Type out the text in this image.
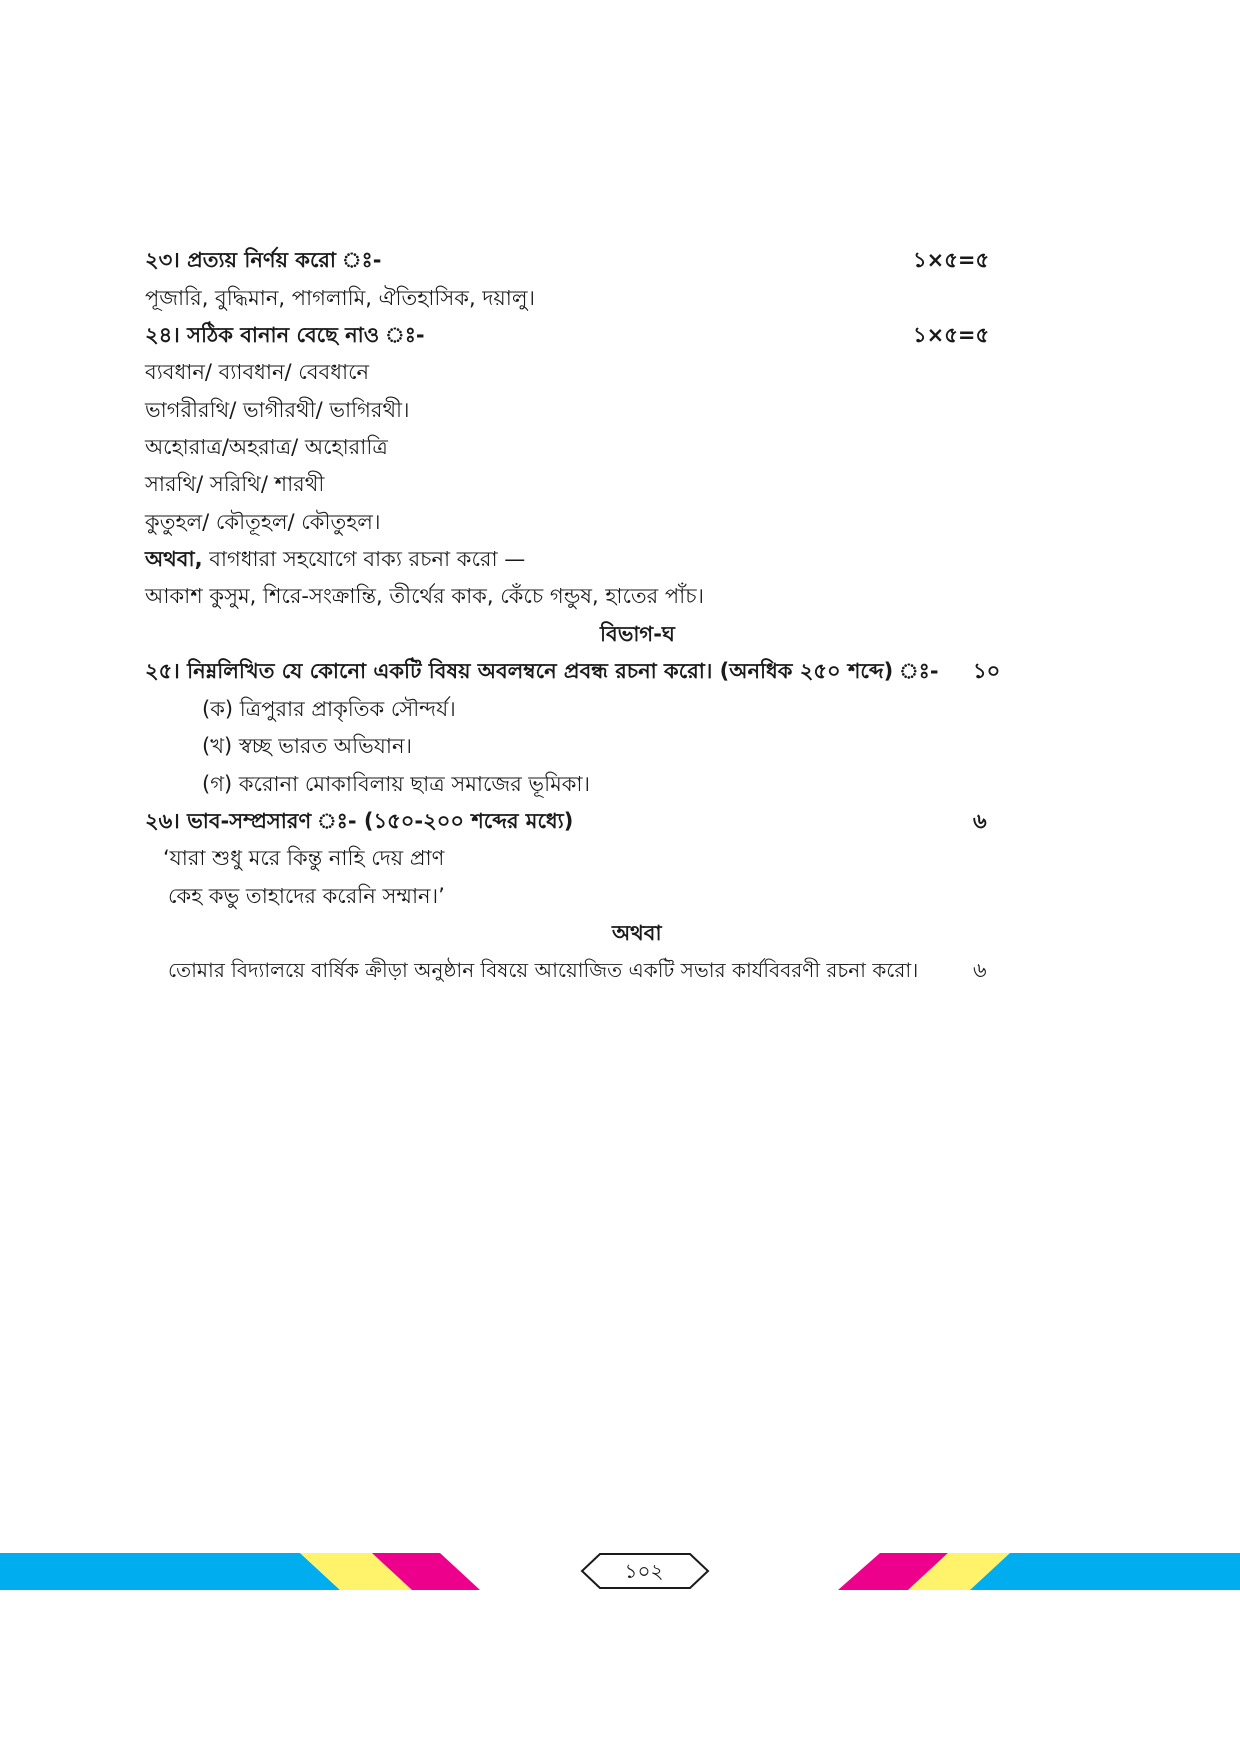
২৩। প্রত্যয় নির্ণয় করো ঃ-	১×৫=৫
পূজারি, বুদ্ধিমান, পাগলামি, ঐতিহাসিক, দয়ালু।
২৪। সঠিক বানান বেছে নাও ঃ-	১×৫=৫
ব্যবধান/ ব্যাবধান/ বেবধানে
ভাগরীরথি/ ভাগীরথী/ ভাগিরথী।
অহোরাত্র/অহরাত্র/ অহোরাত্রি
সারথি/ সরিথি/ শারথী
কুতুহল/ কৌতূহল/ কৌতুহল।
অথবা, বাগধারা সহযোগে বাক্য রচনা করো —
আকাশ কুসুম, শিরে-সংক্রান্তি, তীর্থের কাক, কেঁচে গন্ডুষ, হাতের পাঁচ।
বিভাগ-ঘ
২৫। নিম্নলিখিত যে কোনো একটি বিষয় অবলম্বনে প্রবন্ধ রচনা করো। (অনধিক ২৫০ শব্দে) ঃ- ১০
(ক) ত্রিপুরার প্রাকৃতিক সৌন্দর্য।
(খ) স্বচ্ছ ভারত অভিযান।
(গ) করোনা মোকাবিলায় ছাত্র সমাজের ভূমিকা।
২৬। ভাব-সম্প্রসারণ ঃ- (১৫০-২০০ শব্দের মধ্যে)	৬
‘যারা শুধু মরে কিন্তু নাহি দেয় প্রাণ
কেহ কভু তাহাদের করেনি সম্মান।’
অথবা
তোমার বিদ্যালয়ে বার্ষিক ক্রীড়া অনুষ্ঠান বিষয়ে আয়োজিত একটি সভার কার্যবিবরণী রচনা করো।	৬
১০২
